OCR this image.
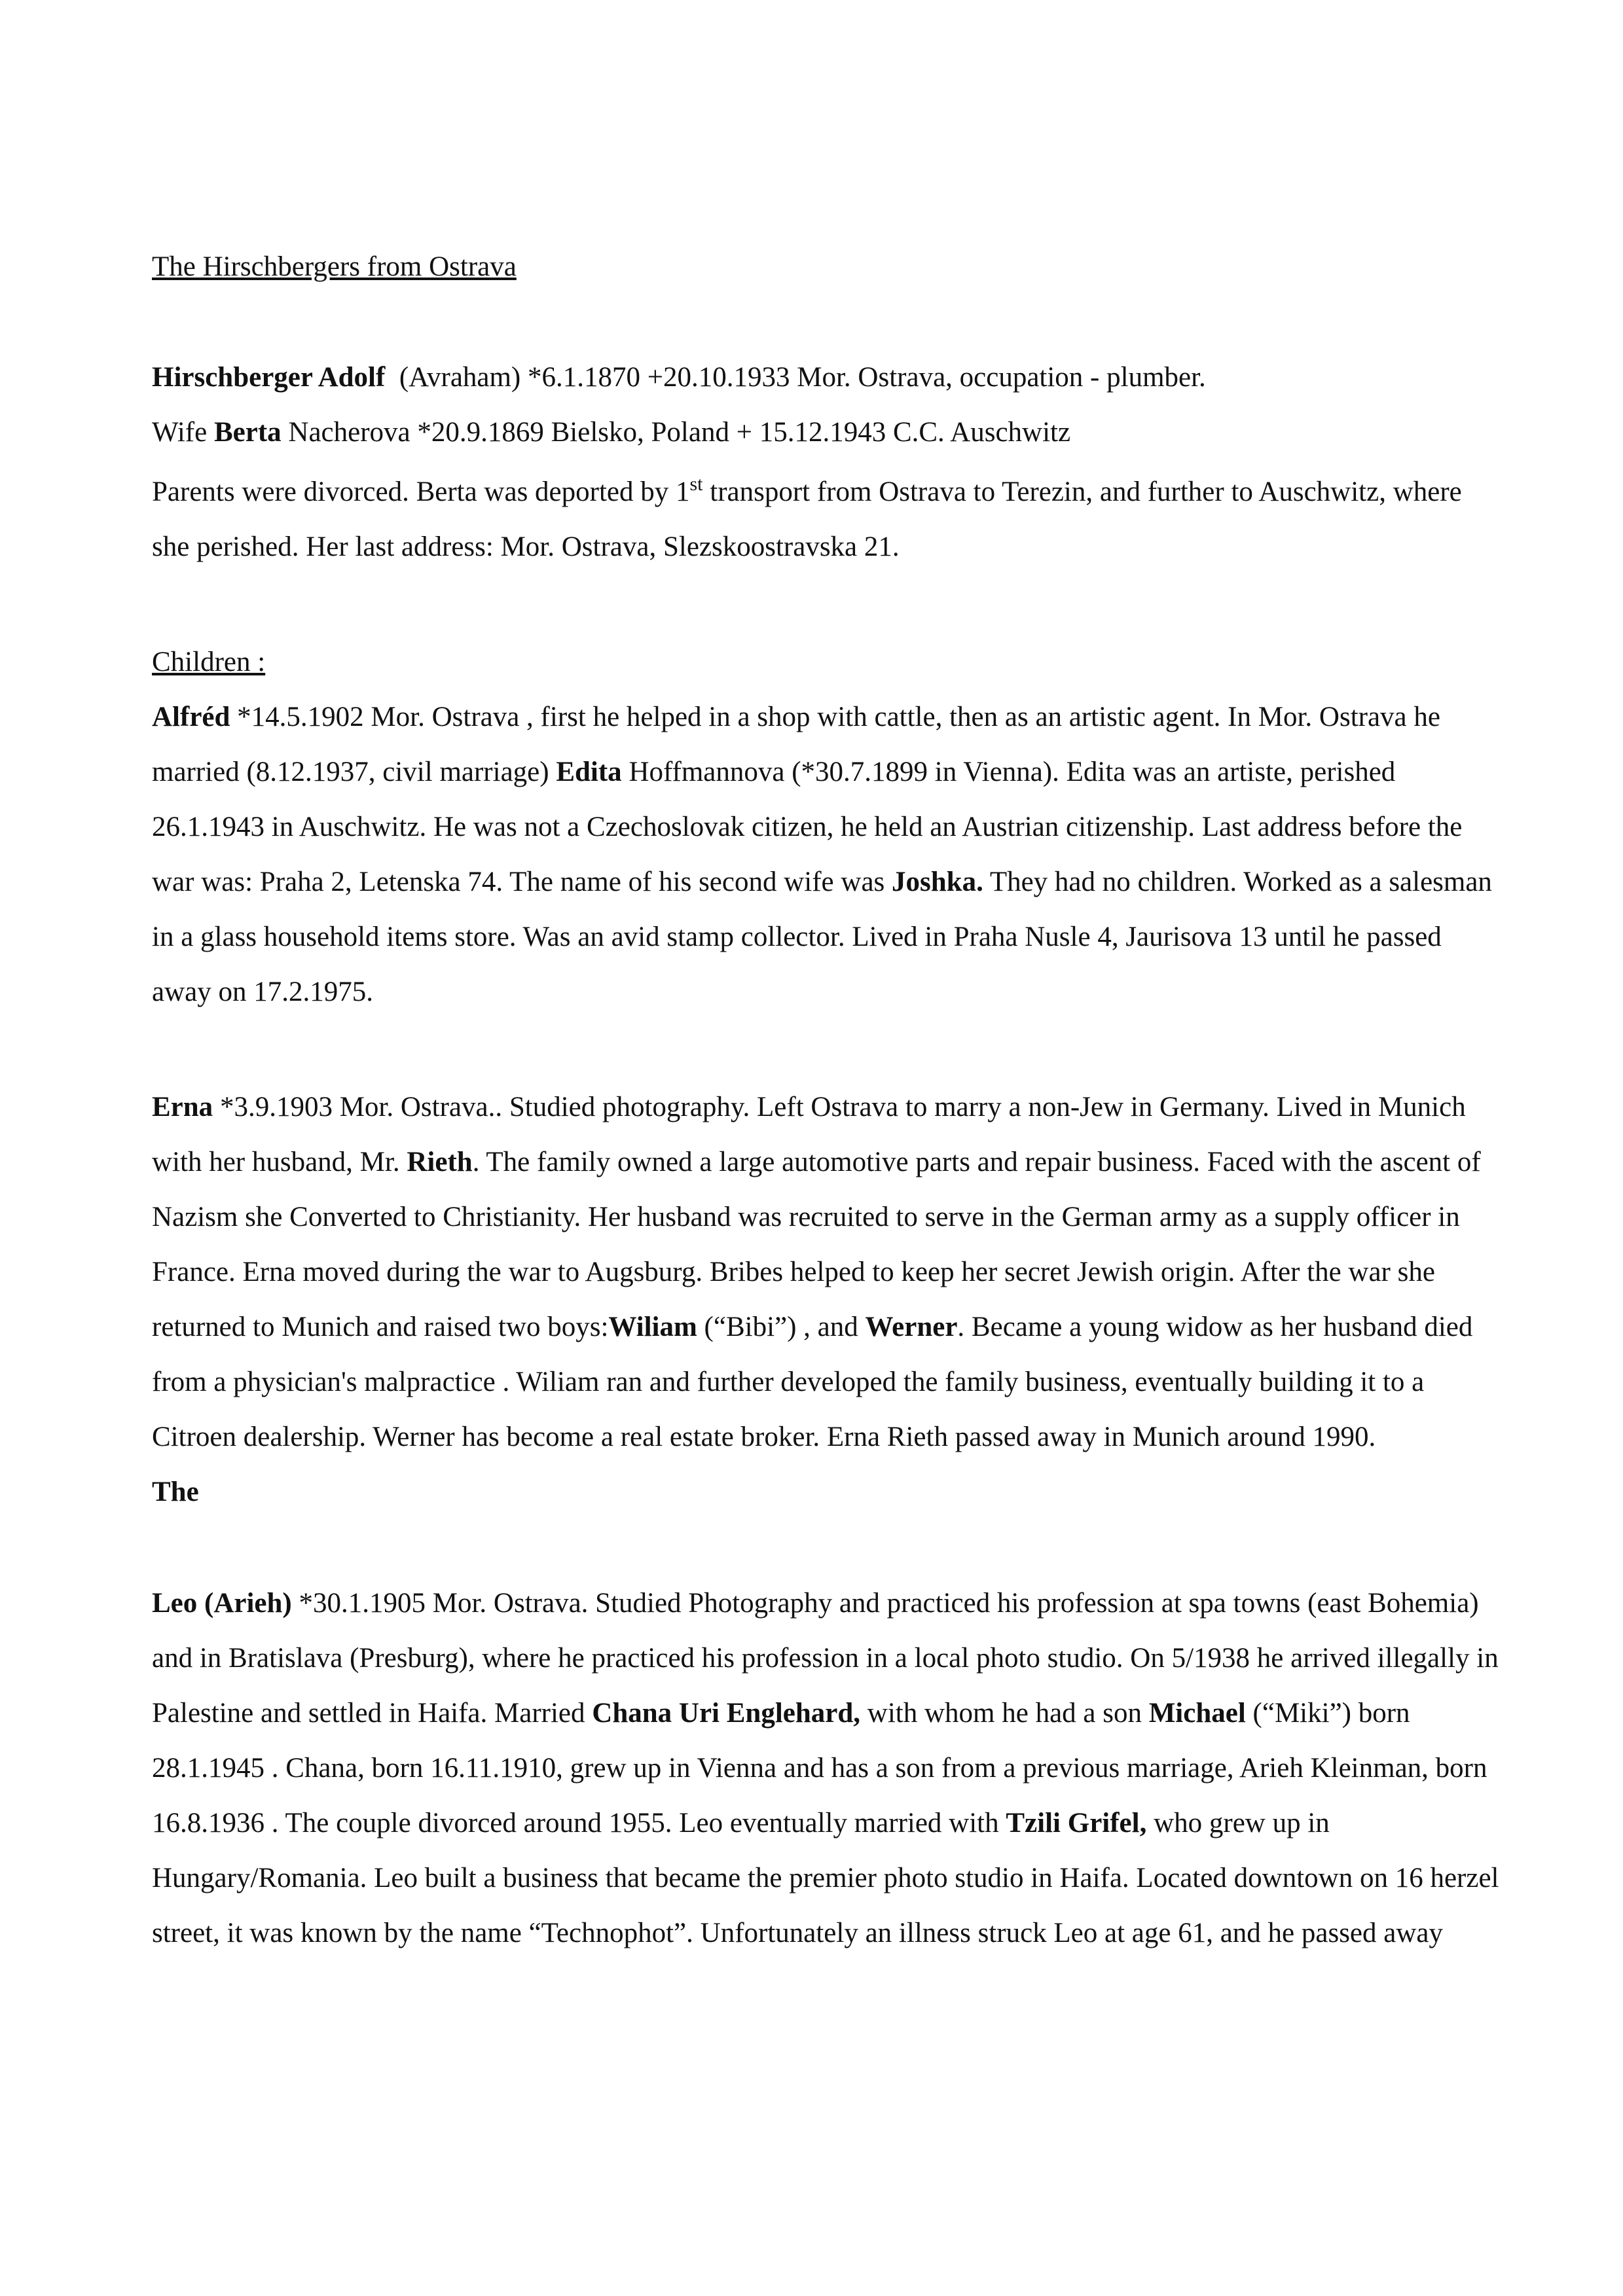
The Hirschbergers from Ostrava

Hirschberger Adolf (Avraham) *6.1.1870 +20.10.1933 Mor. Ostrava, occupation - plumber.
Wife Berta Nacherova *20.9.1869 Bielsko, Poland + 15.12.1943 C.C. Auschwitz

Parents were divorced. Berta was deported by 1st transport from Ostrava to Terezin, and further to Auschwitz, where she perished. Her last address: Mor. Ostrava, Slezskoostravska 21.

Children :

Alfréd *14.5.1902 Mor. Ostrava , first he helped in a shop with cattle, then as an artistic agent. In Mor. Ostrava he married (8.12.1937, civil marriage) Edita Hoffmannova (*30.7.1899 in Vienna). Edita was an artiste, perished 26.1.1943 in Auschwitz. He was not a Czechoslovak citizen, he held an Austrian citizenship. Last address before the war was: Praha 2, Letenska 74. The name of his second wife was Joshka. They had no children. Worked as a salesman in a glass household items store. Was an avid stamp collector. Lived in Praha Nusle 4, Jaurisova 13 until he passed away on 17.2.1975.

Erna *3.9.1903 Mor. Ostrava.. Studied photography. Left Ostrava to marry a non-Jew in Germany. Lived in Munich with her husband, Mr. Rieth. The family owned a large automotive parts and repair business. Faced with the ascent of Nazism she Converted to Christianity. Her husband was recruited to serve in the German army as a supply officer in France. Erna moved during the war to Augsburg. Bribes helped to keep her secret Jewish origin. After the war she returned to Munich and raised two boys:Wiliam (“Bibi”) , and Werner. Became a young widow as her husband died from a physician's malpractice . Wiliam ran and further developed the family business, eventually building it to a Citroen dealership. Werner has become a real estate broker. Erna Rieth passed away in Munich around 1990.
The

Leo (Arieh) *30.1.1905 Mor. Ostrava. Studied Photography and practiced his profession at spa towns (east Bohemia) and in Bratislava (Presburg), where he practiced his profession in a local photo studio. On 5/1938 he arrived illegally in Palestine and settled in Haifa. Married Chana Uri Englehard, with whom he had a son Michael (“Miki”) born 28.1.1945 . Chana, born 16.11.1910, grew up in Vienna and has a son from a previous marriage, Arieh Kleinman, born 16.8.1936 . The couple divorced around 1955. Leo eventually married with Tzili Grifel, who grew up in Hungary/Romania. Leo built a business that became the premier photo studio in Haifa. Located downtown on 16 herzel street, it was known by the name “Technophot”. Unfortunately an illness struck Leo at age 61, and he passed away
